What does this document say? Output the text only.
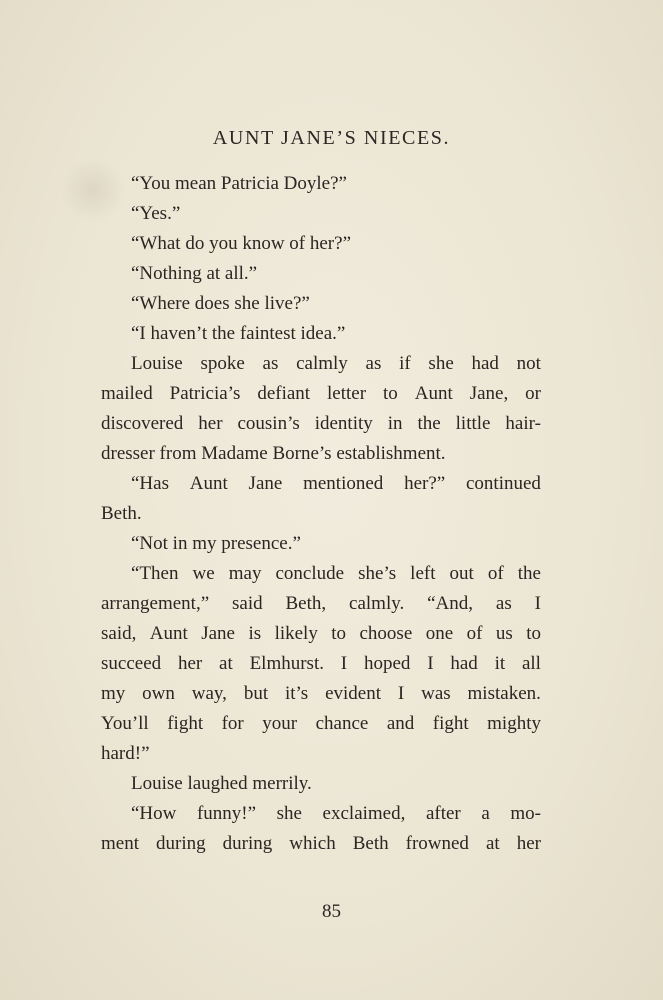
AUNT JANE’S NIECES.
“You mean Patricia Doyle?”
“Yes.”
“What do you know of her?”
“Nothing at all.”
“Where does she live?”
“I haven’t the faintest idea.”
Louise spoke as calmly as if she had not
mailed Patricia’s defiant letter to Aunt Jane, or
discovered her cousin’s identity in the little hair-
dresser from Madame Borne’s establishment.
“Has Aunt Jane mentioned her?” continued
Beth.
“Not in my presence.”
“Then we may conclude she’s left out of the
arrangement,” said Beth, calmly. “And, as I
said, Aunt Jane is likely to choose one of us to
succeed her at Elmhurst. I hoped I had it all
my own way, but it’s evident I was mistaken.
You’ll fight for your chance and fight mighty
hard!”
Louise laughed merrily.
“How funny!” she exclaimed, after a mo-
ment during during which Beth frowned at her
85
